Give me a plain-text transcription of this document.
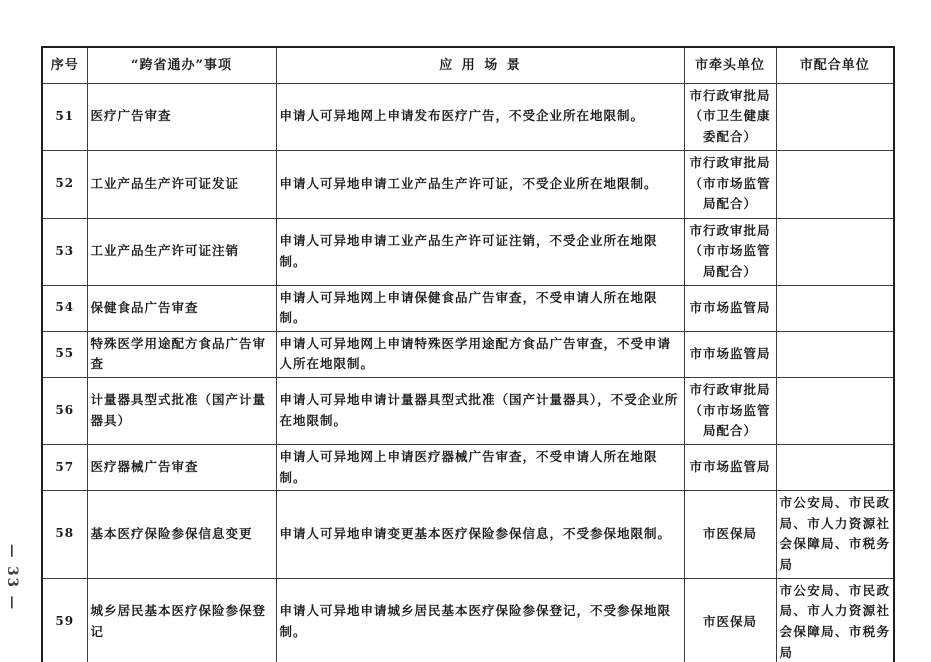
— 33 —
序号	“跨省通办”事项	应 用 场 景	市牵头单位	市配合单位
51	医疗广告审查	申请人可异地网上申请发布医疗广告，不受企业所在地限制。	市行政审批局（市卫生健康委配合）	
52	工业产品生产许可证发证	申请人可异地申请工业产品生产许可证，不受企业所在地限制。	市行政审批局（市市场监管局配合）	
53	工业产品生产许可证注销	申请人可异地申请工业产品生产许可证注销，不受企业所在地限制。	市行政审批局（市市场监管局配合）	
54	保健食品广告审查	申请人可异地网上申请保健食品广告审查，不受申请人所在地限制。	市市场监管局	
55	特殊医学用途配方食品广告审查	申请人可异地网上申请特殊医学用途配方食品广告审查，不受申请人所在地限制。	市市场监管局	
56	计量器具型式批准（国产计量器具）	申请人可异地申请计量器具型式批准（国产计量器具），不受企业所在地限制。	市行政审批局（市市场监管局配合）	
57	医疗器械广告审查	申请人可异地网上申请医疗器械广告审查，不受申请人所在地限制。	市市场监管局	
58	基本医疗保险参保信息变更	申请人可异地申请变更基本医疗保险参保信息，不受参保地限制。	市医保局	市公安局、市民政局、市人力资源社会保障局、市税务局
59	城乡居民基本医疗保险参保登记	申请人可异地申请城乡居民基本医疗保险参保登记，不受参保地限制。	市医保局	市公安局、市民政局、市人力资源社会保障局、市税务局
